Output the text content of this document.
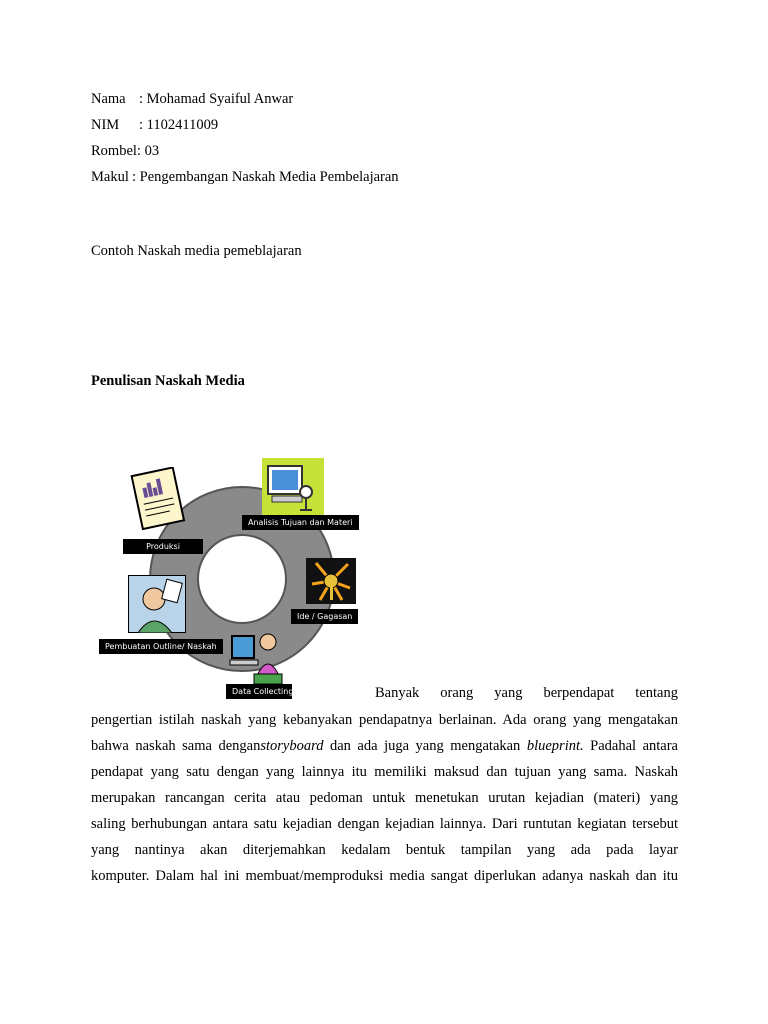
Nama : Mohamad Syaiful Anwar
NIM : 1102411009
Rombel: 03
Makul : Pengembangan Naskah Media Pembelajaran
Contoh Naskah media pemeblajaran
Penulisan Naskah Media
Analisis Tujuan dan Materi
Produksi
Ide / Gagasan
Pembuatan Outline/ Naskah
Data Collecting	Banyak orang yang berpendapat tentang
pengertian istilah naskah yang kebanyakan pendapatnya berlainan. Ada orang yang mengatakan
bahwa naskah sama denganstoryboard dan ada juga yang mengatakan blueprint. Padahal antara
pendapat yang satu dengan yang lainnya itu memiliki maksud dan tujuan yang sama. Naskah
merupakan rancangan cerita atau pedoman untuk menetukan urutan kejadian (materi) yang
saling berhubungan antara satu kejadian dengan kejadian lainnya. Dari runtutan kegiatan tersebut
yang nantinya akan diterjemahkan kedalam bentuk tampilan yang ada pada layar
komputer. Dalam hal ini membuat/memproduksi media sangat diperlukan adanya naskah dan itu
